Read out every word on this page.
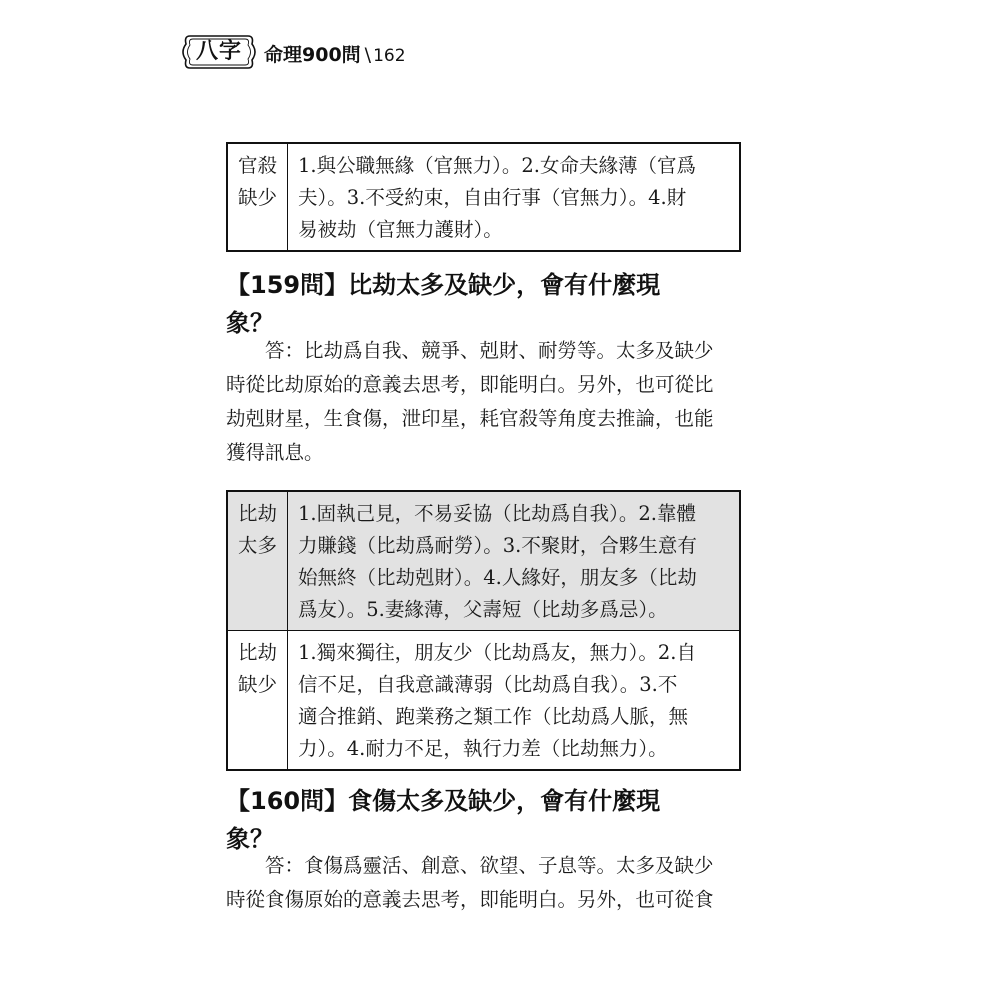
八字	命理900問 \ 162
官殺
缺少
1.與公職無緣（官無力）。2.女命夫緣薄（官爲
夫）。3.不受約束，自由行事（官無力）。4.財
易被劫（官無力護財）。
【159問】比劫太多及缺少，會有什麼現
象？
　　答：比劫爲自我、競爭、剋財、耐勞等。太多及缺少
時從比劫原始的意義去思考，即能明白。另外，也可從比
劫剋財星，生食傷，泄印星，耗官殺等角度去推論，也能
獲得訊息。
比劫
太多
1.固執己見，不易妥協（比劫爲自我）。2.靠體
力賺錢（比劫爲耐勞）。3.不聚財，合夥生意有
始無終（比劫剋財）。4.人緣好，朋友多（比劫
爲友）。5.妻緣薄，父壽短（比劫多爲忌）。
比劫
缺少
1.獨來獨往，朋友少（比劫爲友，無力）。2.自
信不足，自我意識薄弱（比劫爲自我）。3.不
適合推銷、跑業務之類工作（比劫爲人脈，無
力）。4.耐力不足，執行力差（比劫無力）。
【160問】食傷太多及缺少，會有什麼現
象？
　　答：食傷爲靈活、創意、欲望、子息等。太多及缺少
時從食傷原始的意義去思考，即能明白。另外，也可從食
